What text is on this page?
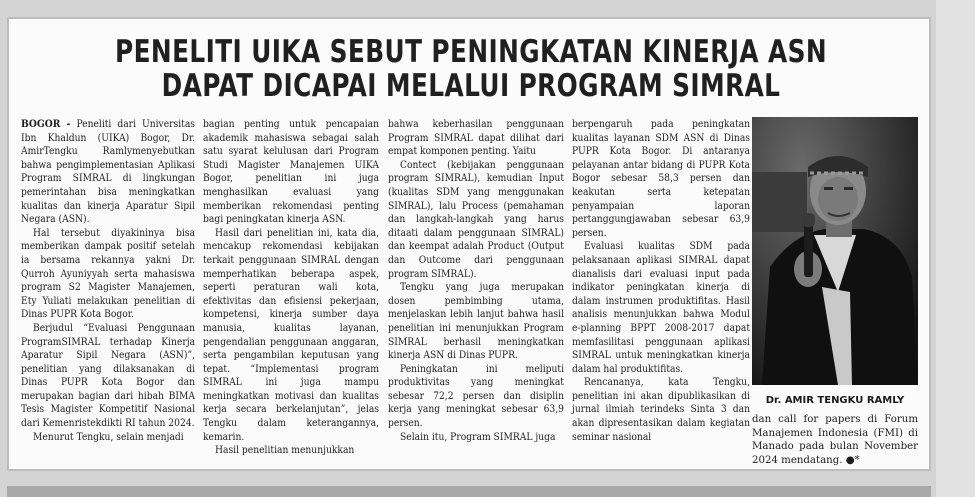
PENELITI UIKA SEBUT PENINGKATAN KINERJA ASN
DAPAT DICAPAI MELALUI PROGRAM SIMRAL

BOGOR - Peneliti dari Universitas Ibn Khaldun (UIKA) Bogor, Dr. AmirTengku Ramlymenyebutkan bahwa pengimplementasian Aplikasi Program SIMRAL di lingkungan pemerintahan bisa meningkatkan kualitas dan kinerja Aparatur Sipil Negara (ASN).

Hal tersebut diyakininya bisa memberikan dampak positif setelah ia bersama rekannya yakni Dr. Qurroh Ayuniyyah serta mahasiswa program S2 Magister Manajemen, Ety Yuliati melakukan penelitian di Dinas PUPR Kota Bogor.

Berjudul “Evaluasi Penggunaan ProgramSIMRAL terhadap Kinerja Aparatur Sipil Negara (ASN)”, penelitian yang dilaksanakan di Dinas PUPR Kota Bogor dan merupakan bagian dari hibah BIMA Tesis Magister Kompetitif Nasional dari Kemenristekdikti RI tahun 2024.

Menurut Tengku, selain menjadi

bagian penting untuk pencapaian akademik mahasiswa sebagai salah satu syarat kelulusan dari Program Studi Magister Manajemen UIKA Bogor, penelitian ini juga menghasilkan evaluasi yang memberikan rekomendasi penting bagi peningkatan kinerja ASN.

Hasil dari penelitian ini, kata dia, mencakup rekomendasi kebijakan terkait penggunaan SIMRAL dengan memperhatikan beberapa aspek, seperti peraturan wali kota, efektivitas dan efisiensi pekerjaan, kompetensi, kinerja sumber daya manusia, kualitas layanan, pengendalian penggunaan anggaran, serta pengambilan keputusan yang tepat. “Implementasi program SIMRAL ini juga mampu meningkatkan motivasi dan kualitas kerja secara berkelanjutan”, jelas Tengku dalam keterangannya, kemarin.

Hasil penelitian menunjukkan

bahwa keberhasilan penggunaan Program SIMRAL dapat dilihat dari empat komponen penting. Yaitu

Contect (kebijakan penggunaan program SIMRAL), kemudian Input (kualitas SDM yang menggunakan SIMRAL), lalu Process (pemahaman dan langkah-langkah yang harus ditaati dalam penggunaan SIMRAL) dan keempat adalah Product (Output dan Outcome dari penggunaan program SIMRAL).

Tengku yang juga merupakan dosen pembimbing utama, menjelaskan lebih lanjut bahwa hasil penelitian ini menunjukkan Program SIMRAL berhasil meningkatkan kinerja ASN di Dinas PUPR.

Peningkatan ini meliputi produktivitas yang meningkat sebesar 72,2 persen dan disiplin kerja yang meningkat sebesar 63,9 persen.

Selain itu, Program SIMRAL juga

berpengaruh pada peningkatan kualitas layanan SDM ASN di Dinas PUPR Kota Bogor. Di antaranya pelayanan antar bidang di PUPR Kota Bogor sebesar 58,3 persen dan keakutan serta ketepatan penyampaian laporan pertanggungjawaban sebesar 63,9 persen.

Evaluasi kualitas SDM pada pelaksanaan aplikasi SIMRAL dapat dianalisis dari evaluasi input pada indikator peningkatan kinerja di dalam instrumen produktifitas. Hasil analisis menunjukkan bahwa Modul e-planning BPPT 2008-2017 dapat memfasilitasi penggunaan aplikasi SIMRAL untuk meningkatkan kinerja dalam hal produktifitas.

Rencananya, kata Tengku, penelitian ini akan dipublikasikan di jurnal ilmiah terindeks Sinta 3 dan akan dipresentasikan dalam kegiatan seminar nasional

Dr. AMIR TENGKU RAMLY
dan call for papers di Forum Manajemen Indonesia (FMI) di Manado pada bulan November 2024 mendatang. ●*
